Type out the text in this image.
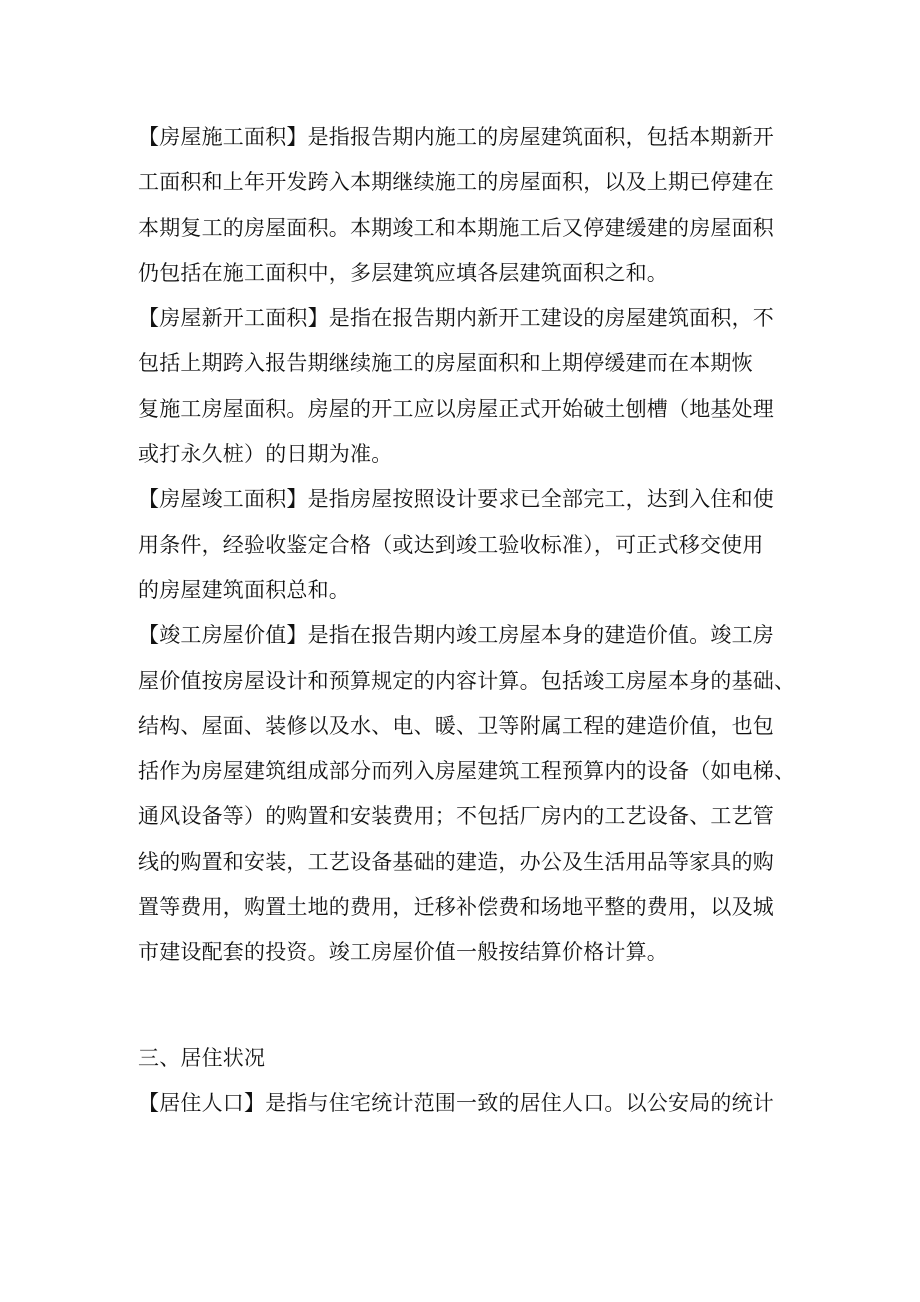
【房屋施工面积】是指报告期内施工的房屋建筑面积，包括本期新开
工面积和上年开发跨入本期继续施工的房屋面积，以及上期已停建在
本期复工的房屋面积。本期竣工和本期施工后又停建缓建的房屋面积
仍包括在施工面积中，多层建筑应填各层建筑面积之和。
【房屋新开工面积】是指在报告期内新开工建设的房屋建筑面积，不
包括上期跨入报告期继续施工的房屋面积和上期停缓建而在本期恢
复施工房屋面积。房屋的开工应以房屋正式开始破土刨槽（地基处理
或打永久桩）的日期为准。
【房屋竣工面积】是指房屋按照设计要求已全部完工，达到入住和使
用条件，经验收鉴定合格（或达到竣工验收标准），可正式移交使用
的房屋建筑面积总和。
【竣工房屋价值】是指在报告期内竣工房屋本身的建造价值。竣工房
屋价值按房屋设计和预算规定的内容计算。包括竣工房屋本身的基础、
结构、屋面、装修以及水、电、暖、卫等附属工程的建造价值，也包
括作为房屋建筑组成部分而列入房屋建筑工程预算内的设备（如电梯、
通风设备等）的购置和安装费用；不包括厂房内的工艺设备、工艺管
线的购置和安装，工艺设备基础的建造，办公及生活用品等家具的购
置等费用，购置土地的费用，迁移补偿费和场地平整的费用，以及城
市建设配套的投资。竣工房屋价值一般按结算价格计算。
三、居住状况
【居住人口】是指与住宅统计范围一致的居住人口。以公安局的统计
